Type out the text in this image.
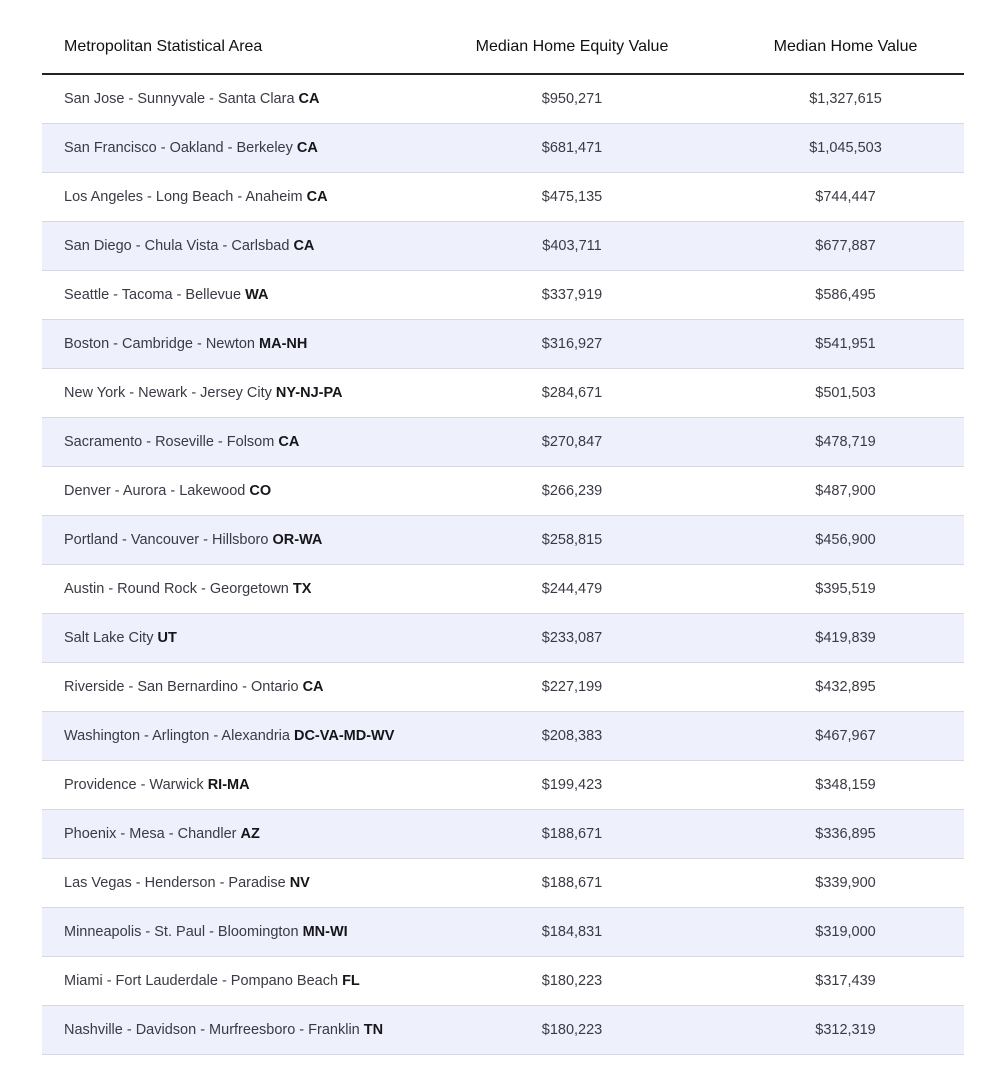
Metropolitan Statistical Area	Median Home Equity Value	Median Home Value
San Jose - Sunnyvale - Santa Clara CA	$950,271	$1,327,615
San Francisco - Oakland - Berkeley CA	$681,471	$1,045,503
Los Angeles - Long Beach - Anaheim CA	$475,135	$744,447
San Diego - Chula Vista - Carlsbad CA	$403,711	$677,887
Seattle - Tacoma - Bellevue WA	$337,919	$586,495
Boston - Cambridge - Newton MA-NH	$316,927	$541,951
New York - Newark - Jersey City NY-NJ-PA	$284,671	$501,503
Sacramento - Roseville - Folsom CA	$270,847	$478,719
Denver - Aurora - Lakewood CO	$266,239	$487,900
Portland - Vancouver - Hillsboro OR-WA	$258,815	$456,900
Austin - Round Rock - Georgetown TX	$244,479	$395,519
Salt Lake City UT	$233,087	$419,839
Riverside - San Bernardino - Ontario CA	$227,199	$432,895
Washington - Arlington - Alexandria DC-VA-MD-WV	$208,383	$467,967
Providence - Warwick RI-MA	$199,423	$348,159
Phoenix - Mesa - Chandler AZ	$188,671	$336,895
Las Vegas - Henderson - Paradise NV	$188,671	$339,900
Minneapolis - St. Paul - Bloomington MN-WI	$184,831	$319,000
Miami - Fort Lauderdale - Pompano Beach FL	$180,223	$317,439
Nashville - Davidson - Murfreesboro - Franklin TN	$180,223	$312,319
